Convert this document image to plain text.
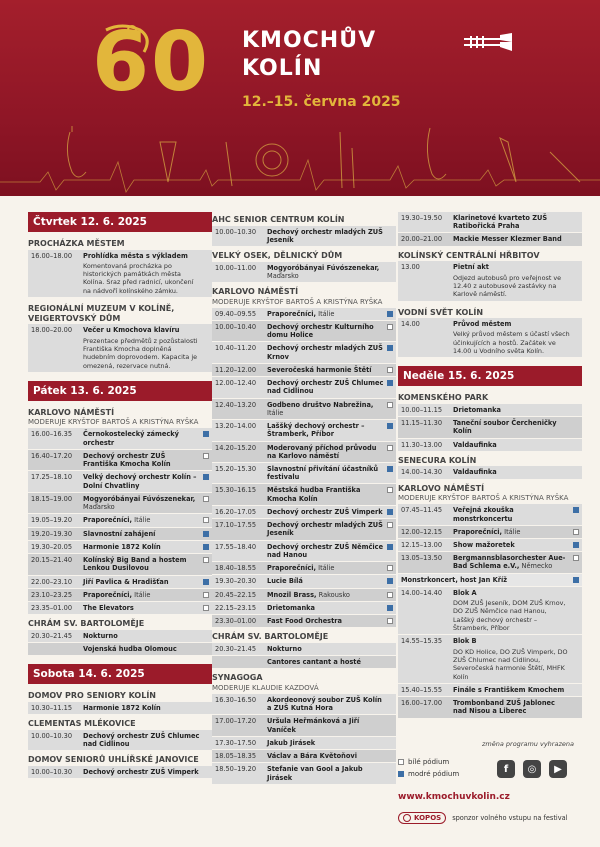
60 KMOCHŮV
KOLÍN
12.–15. června 2025
Čtvrtek 12. 6. 2025
PROCHÁZKA MĚSTEM
16.00–18.00	Prohlídka města s výkladem
Komentovaná procházka po historických památkách města Kolína. Sraz před radnicí, ukončení na nádvoří kolínského zámku.
REGIONÁLNÍ MUZEUM V KOLÍNĚ, VEIGERTOVSKÝ DŮM
18.00–20.00	Večer u Kmochova klavíru
Prezentace předmětů z pozůstalosti Františka Kmocha doplněná hudebním doprovodem. Kapacita je omezená, rezervace nutná.
Pátek 13. 6. 2025
KARLOVO NÁMĚSTÍ
MODERUJE KRYŠTOF BARTOŠ A KRISTÝNA RYŠKA
16.00–16.35	Černokostelecký zámecký orchestr
16.40–17.20	Dechový orchestr ZUŠ Františka Kmocha Kolín
17.25–18.10	Velký dechový orchestr Kolín – Dolní Chvatliny
18.15–19.00	Mogyoróbányai Fúvószenekar, Maďarsko
19.05–19.20	Praporečníci, Itálie
19.20–19.30	Slavnostní zahájení
19.30–20.05	Harmonie 1872 Kolín
20.15–21.40	Kolínský Big Band a hostem Lenkou Dusilovou
22.00–23.10	Jiří Pavlica & Hradišťan
23.10–23.25	Praporečníci, Itálie
23.35–01.00	The Elevators
CHRÁM SV. BARTOLOMĚJE
20.30–21.45	Nokturno
Vojenská hudba Olomouc
Sobota 14. 6. 2025
DOMOV PRO SENIORY KOLÍN
10.30–11.15	Harmonie 1872 Kolín
CLEMENTAS MLÉKOVICE
10.00–10.30	Dechový orchestr ZUŠ Chlumec nad Cidlinou
DOMOV SENIORŮ UHLÍŘSKÉ JANOVICE
10.00–10.30	Dechový orchestr ZUŠ Vimperk
AHC SENIOR CENTRUM KOLÍN
10.00–10.30	Dechový orchestr mladých ZUŠ Jeseník
VELKÝ OSEK, DĚLNICKÝ DŮM
10.00–11.00	Mogyoróbányai Fúvószenekar, Maďarsko
KARLOVO NÁMĚSTÍ
MODERUJE KRYŠTOF BARTOŠ A KRISTÝNA RYŠKA
09.40–09.55	Praporečníci, Itálie
10.00–10.40	Dechový orchestr Kulturního domu Holice
10.40–11.20	Dechový orchestr mladých ZUŠ Krnov
11.20–12.00	Severočeská harmonie Štětí
12.00–12.40	Dechový orchestr ZUŠ Chlumec nad Cidlinou
12.40–13.20	Godbeno društvo Nabrežina, Itálie
13.20–14.00	Laššký dechový orchestr – Štramberk, Příbor
14.20–15.20	Moderovaný příchod průvodu na Karlovo náměstí
15.20–15.30	Slavnostní přivítání účastníků festivalu
15.30–16.15	Městská hudba Františka Kmocha Kolín
16.20–17.05	Dechový orchestr ZUŠ Vimperk
17.10–17.55	Dechový orchestr mladých ZUŠ Jeseník
17.55–18.40	Dechový orchestr ZUŠ Němčice nad Hanou
18.40–18.55	Praporečníci, Itálie
19.30–20.30	Lucie Bílá
20.45–22.15	Mnozil Brass, Rakousko
22.15–23.15	Drietomanka
23.30–01.00	Fast Food Orchestra
CHRÁM SV. BARTOLOMĚJE
20.30–21.45	Nokturno
Cantores cantant a hosté
SYNAGOGA
MODERUJE KLAUDIE KAZDOVÁ
16.30–16.50	Akordeonový soubor ZUŠ Kolín a ZUŠ Kutná Hora
17.00–17.20	Uršula Heřmánková a Jiří Vaníček
17.30–17.50	Jakub Jirásek
18.05–18.35	Václav a Bára Květoňovi
18.50–19.20	Stefanie van Gool a Jakub Jirásek
19.30–19.50	Klarinetové kvarteto ZUŠ Ratibořická Praha
20.00–21.00	Mackie Messer Klezmer Band
KOLÍNSKÝ CENTRÁLNÍ HŘBITOV
13.00	Pietní akt
Odjezd autobusů pro veřejnost ve 12.40 z autobusové zastávky na Karlově náměstí.
VODNÍ SVĚT KOLÍN
14.00	Průvod městem
Velký průvod městem s účastí všech účinkujících a hostů. Začátek ve 14.00 u Vodního světa Kolín.
Neděle 15. 6. 2025
KOMENSKÉHO PARK
10.00–11.15	Drietomanka
11.15–11.30	Taneční soubor Čercheničky Kolín
11.30–13.00	Valdaufinka
SENECURA KOLÍN
14.00–14.30	Valdaufinka
KARLOVO NÁMĚSTÍ
MODERUJE KRYŠTOF BARTOŠ A KRISTÝNA RYŠKA
07.45–11.45	Veřejná zkouška monstrkoncertu
12.00–12.15	Praporečníci, Itálie
12.15–13.00	Show mažoretek
13.05–13.50	Bergmannsblasorchester Aue-Bad Schlema e.V., Německo
Monstrkoncert, host Jan Kříž
14.00–14.40	Blok A
DOM ZUŠ Jeseník, DOM ZUŠ Krnov, DO ZUŠ Němčice nad Hanou, Laššký dechový orchestr – Štramberk, Příbor
14.55–15.35	Blok B
DO KD Holice, DO ZUŠ Vimperk, DO ZUŠ Chlumec nad Cidlinou, Severočeská harmonie Štětí, MHFK Kolín
15.40–15.55	Finále s Františkem Kmochem
16.00–17.00	Trombonband ZUŠ Jablonec nad Nisou a Liberec
změna programu vyhrazena
bílé pódium
modré pódium	f	◎	▶
www.kmochuvkolin.cz
KOPOS	sponzor volného vstupu na festival
